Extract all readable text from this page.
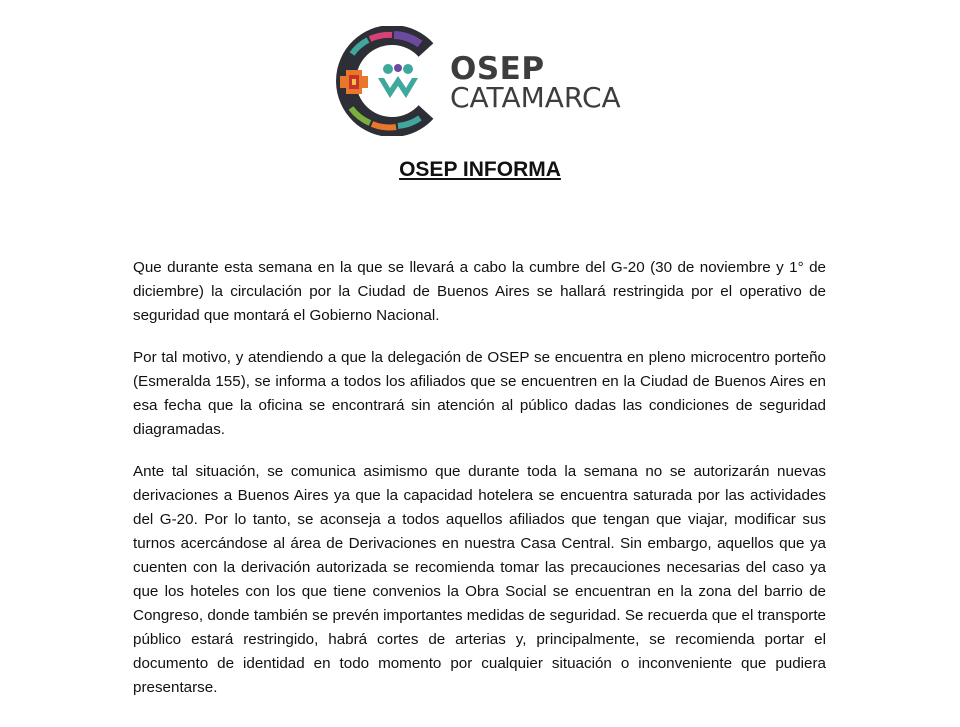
OSEP
CATAMARCA
OSEP INFORMA

Que durante esta semana en la que se llevará a cabo la cumbre del G-20 (30 de noviembre y 1° de diciembre) la circulación por la Ciudad de Buenos Aires se hallará restringida por el operativo de seguridad que montará el Gobierno Nacional.

Por tal motivo, y atendiendo a que la delegación de OSEP se encuentra en pleno microcentro porteño (Esmeralda 155), se informa a todos los afiliados que se encuentren en la Ciudad de Buenos Aires en esa fecha que la oficina se encontrará sin atención al público dadas las condiciones de seguridad diagramadas.

Ante tal situación, se comunica asimismo que durante toda la semana no se autorizarán nuevas derivaciones a Buenos Aires ya que la capacidad hotelera se encuentra saturada por las actividades del G-20. Por lo tanto, se aconseja a todos aquellos afiliados que tengan que viajar, modificar sus turnos acercándose al área de Derivaciones en nuestra Casa Central. Sin embargo, aquellos que ya cuenten con la derivación autorizada se recomienda tomar las precauciones necesarias del caso ya que los hoteles con los que tiene convenios la Obra Social se encuentran en la zona del barrio de Congreso, donde también se prevén importantes medidas de seguridad. Se recuerda que el transporte público estará restringido, habrá cortes de arterias y, principalmente, se recomienda portar el documento de identidad en todo momento por cualquier situación o inconveniente que pudiera presentarse.
